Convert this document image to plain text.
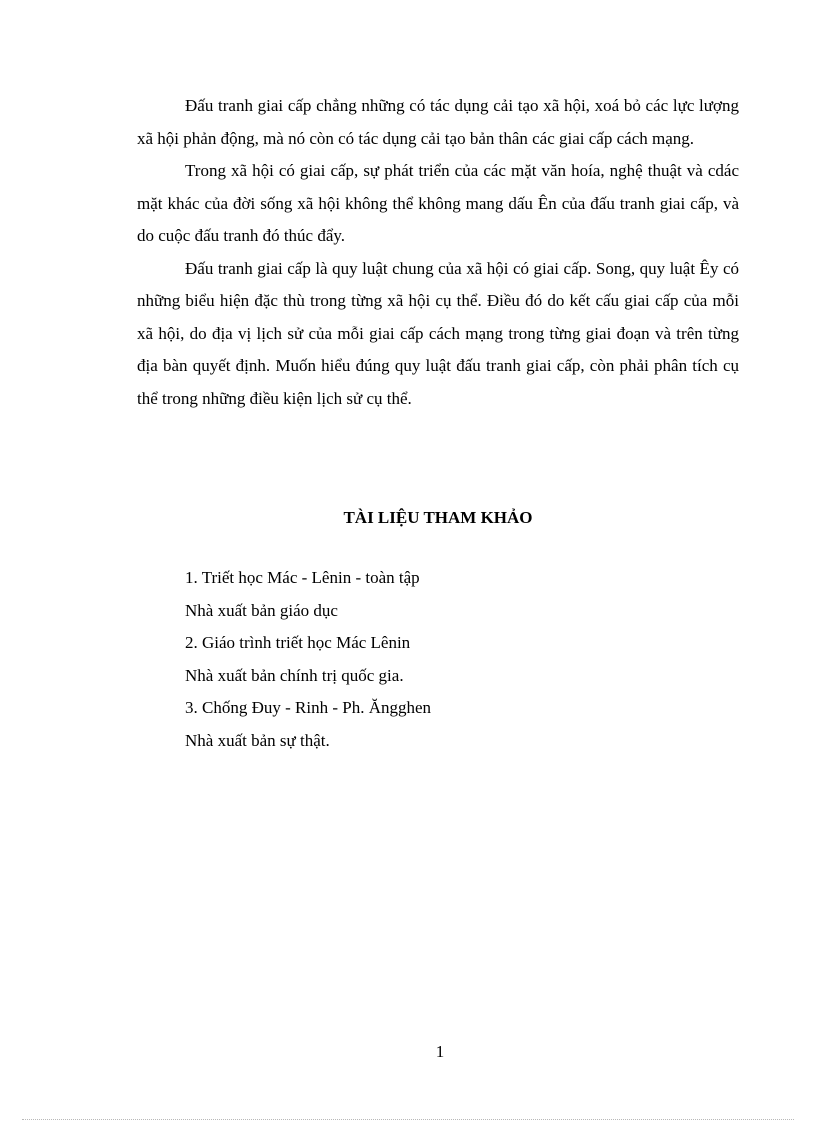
Đấu tranh giai cấp chẳng những có tác dụng cải tạo xã hội, xoá bỏ các lực lượng xã hội phản động, mà nó còn có tác dụng cải tạo bản thân các giai cấp cách mạng.

Trong xã hội có giai cấp, sự phát triển của các mặt văn hoía, nghệ thuật và cdác mặt khác của đời sống xã hội không thể không mang dấu Ên của đấu tranh giai cấp, và do cuộc đấu tranh đó thúc đẩy.

Đấu tranh giai cấp là quy luật chung của xã hội có giai cấp. Song, quy luật Êy có những biểu hiện đặc thù trong từng xã hội cụ thể. Điều đó do kết cấu giai cấp của mỗi xã hội, do địa vị lịch sử của mỗi giai cấp cách mạng trong từng giai đoạn và trên từng địa bàn quyết định. Muốn hiểu đúng quy luật đấu tranh giai cấp, còn phải phân tích cụ thể trong những điều kiện lịch sử cụ thể.

TÀI LIỆU THAM KHẢO
1. Triết học Mác - Lênin - toàn tập
Nhà xuất bản giáo dục
2. Giáo trình triết học Mác Lênin
Nhà xuất bản chính trị quốc gia.
3. Chống Đuy - Rinh - Ph. Ăngghen
Nhà xuất bản sự thật.
1
